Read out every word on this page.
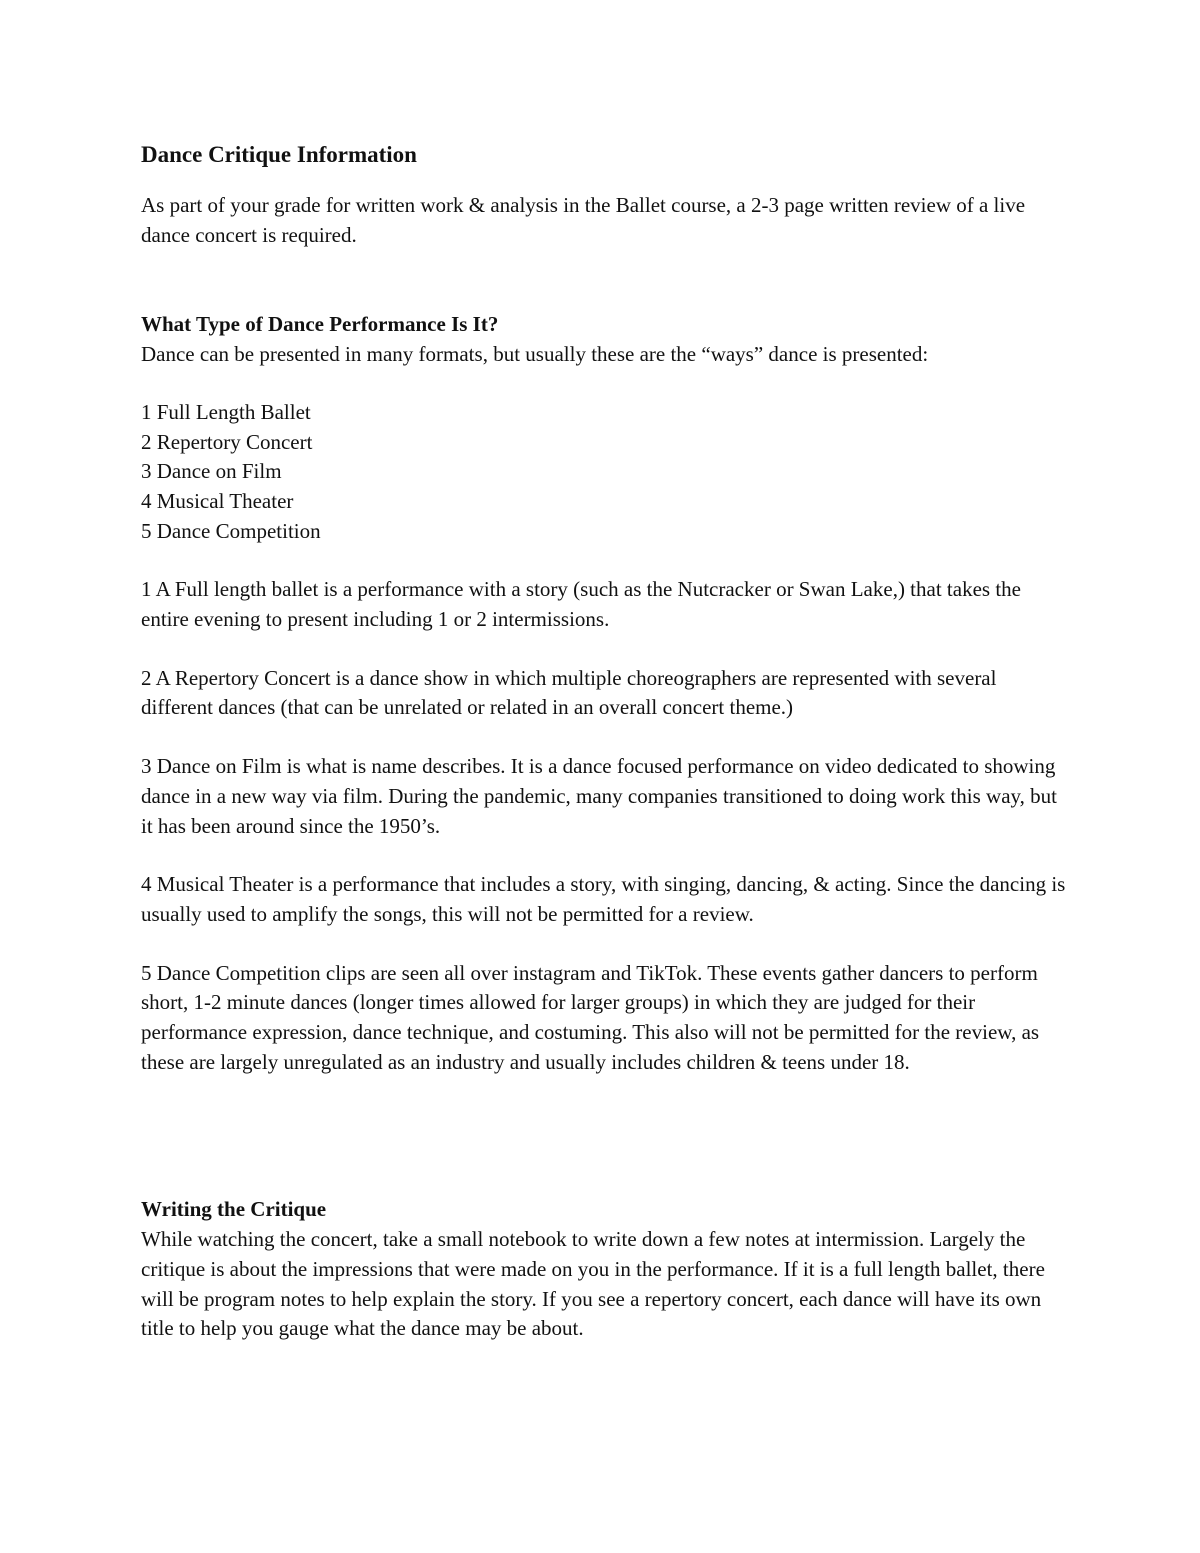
Dance Critique Information

As part of your grade for written work & analysis in the Ballet course, a 2-3 page written review of a live dance concert is required.

What Type of Dance Performance Is It?

Dance can be presented in many formats, but usually these are the “ways” dance is presented:

1 Full Length Ballet
2 Repertory Concert
3 Dance on Film
4 Musical Theater
5 Dance Competition

1 A Full length ballet is a performance with a story (such as the Nutcracker or Swan Lake,) that takes the entire evening to present including 1 or 2 intermissions.

2 A Repertory Concert is a dance show in which multiple choreographers are represented with several different dances (that can be unrelated or related in an overall concert theme.)

3 Dance on Film is what is name describes. It is a dance focused performance on video dedicated to showing dance in a new way via film. During the pandemic, many companies transitioned to doing work this way, but it has been around since the 1950’s.

4 Musical Theater is a performance that includes a story, with singing, dancing, & acting. Since the dancing is usually used to amplify the songs, this will not be permitted for a review.

5 Dance Competition clips are seen all over instagram and TikTok. These events gather dancers to perform short, 1-2 minute dances (longer times allowed for larger groups) in which they are judged for their performance expression, dance technique, and costuming. This also will not be permitted for the review, as these are largely unregulated as an industry and usually includes children & teens under 18.

Writing the Critique

While watching the concert, take a small notebook to write down a few notes at intermission. Largely the critique is about the impressions that were made on you in the performance. If it is a full length ballet, there will be program notes to help explain the story. If you see a repertory concert, each dance will have its own title to help you gauge what the dance may be about.
